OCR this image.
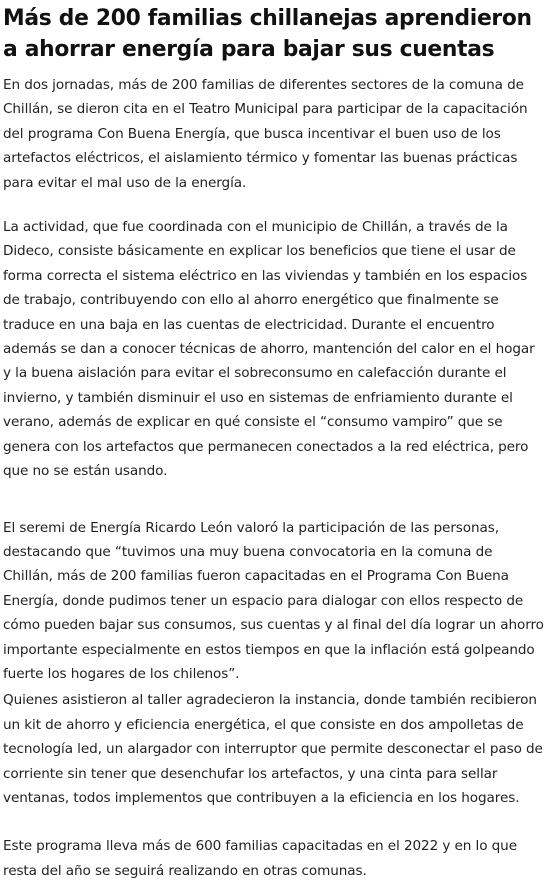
Más de 200 familias chillanejas aprendieron a ahorrar energía para bajar sus cuentas

En dos jornadas, más de 200 familias de diferentes sectores de la comuna de Chillán, se dieron cita en el Teatro Municipal para participar de la capacitación del programa Con Buena Energía, que busca incentivar el buen uso de los artefactos eléctricos, el aislamiento térmico y fomentar las buenas prácticas para evitar el mal uso de la energía.

La actividad, que fue coordinada con el municipio de Chillán, a través de la Dideco, consiste básicamente en explicar los beneficios que tiene el usar de forma correcta el sistema eléctrico en las viviendas y también en los espacios de trabajo, contribuyendo con ello al ahorro energético que finalmente se traduce en una baja en las cuentas de electricidad. Durante el encuentro además se dan a conocer técnicas de ahorro, mantención del calor en el hogar y la buena aislación para evitar el sobreconsumo en calefacción durante el invierno, y también disminuir el uso en sistemas de enfriamiento durante el verano, además de explicar en qué consiste el “consumo vampiro” que se genera con los artefactos que permanecen conectados a la red eléctrica, pero que no se están usando.

El seremi de Energía Ricardo León valoró la participación de las personas, destacando que “tuvimos una muy buena convocatoria en la comuna de Chillán, más de 200 familias fueron capacitadas en el Programa Con Buena Energía, donde pudimos tener un espacio para dialogar con ellos respecto de cómo pueden bajar sus consumos, sus cuentas y al final del día lograr un ahorro importante especialmente en estos tiempos en que la inflación está golpeando fuerte los hogares de los chilenos”.

Quienes asistieron al taller agradecieron la instancia, donde también recibieron un kit de ahorro y eficiencia energética, el que consiste en dos ampolletas de tecnología led, un alargador con interruptor que permite desconectar el paso de corriente sin tener que desenchufar los artefactos, y una cinta para sellar ventanas, todos implementos que contribuyen a la eficiencia en los hogares.

Este programa lleva más de 600 familias capacitadas en el 2022 y en lo que resta del año se seguirá realizando en otras comunas.
